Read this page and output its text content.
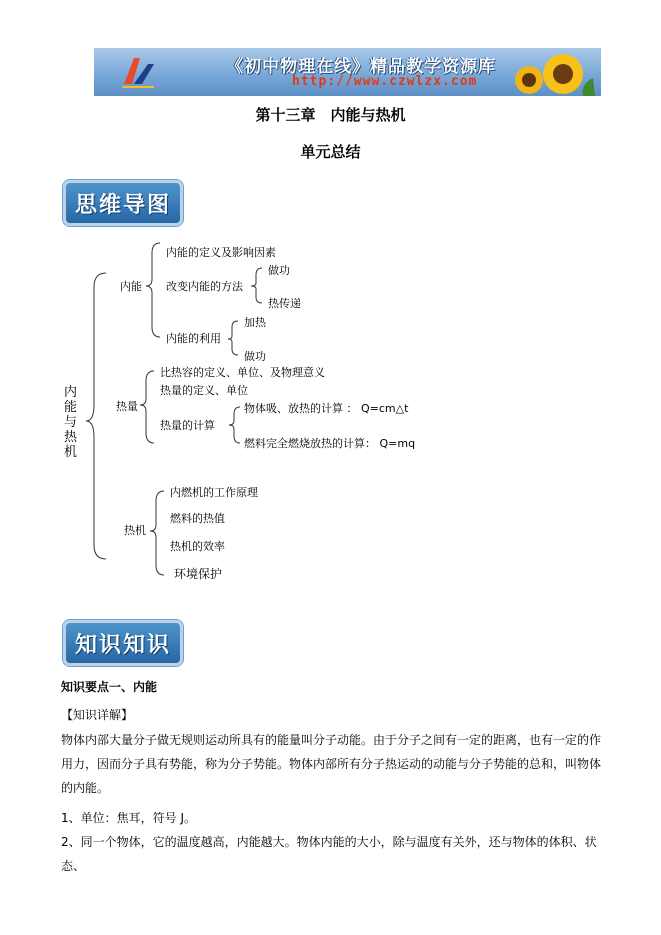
《初中物理在线》精品教学资源库
http://www.czwlzx.com
第十三章　内能与热机
单元总结
思维导图
内能与热机
内能
内能的定义及影响因素
改变内能的方法
做功
热传递
内能的利用
加热
做功
热量
比热容的定义、单位、及物理意义
热量的定义、单位
热量的计算
物体吸、放热的计算 ： Q=cm△t
燃料完全燃烧放热的计算： Q=mq
热机
内燃机的工作原理
燃料的热值
热机的效率
环境保护
知识知识
知识要点一、内能
【知识详解】
物体内部大量分子做无规则运动所具有的能量叫分子动能。由于分子之间有一定的距离，也有一定的作用力，因而分子具有势能，称为分子势能。物体内部所有分子热运动的动能与分子势能的总和，叫物体的内能。
1、单位：焦耳，符号 J。
2、同一个物体，它的温度越高，内能越大。物体内能的大小，除与温度有关外，还与物体的体积、状态、
